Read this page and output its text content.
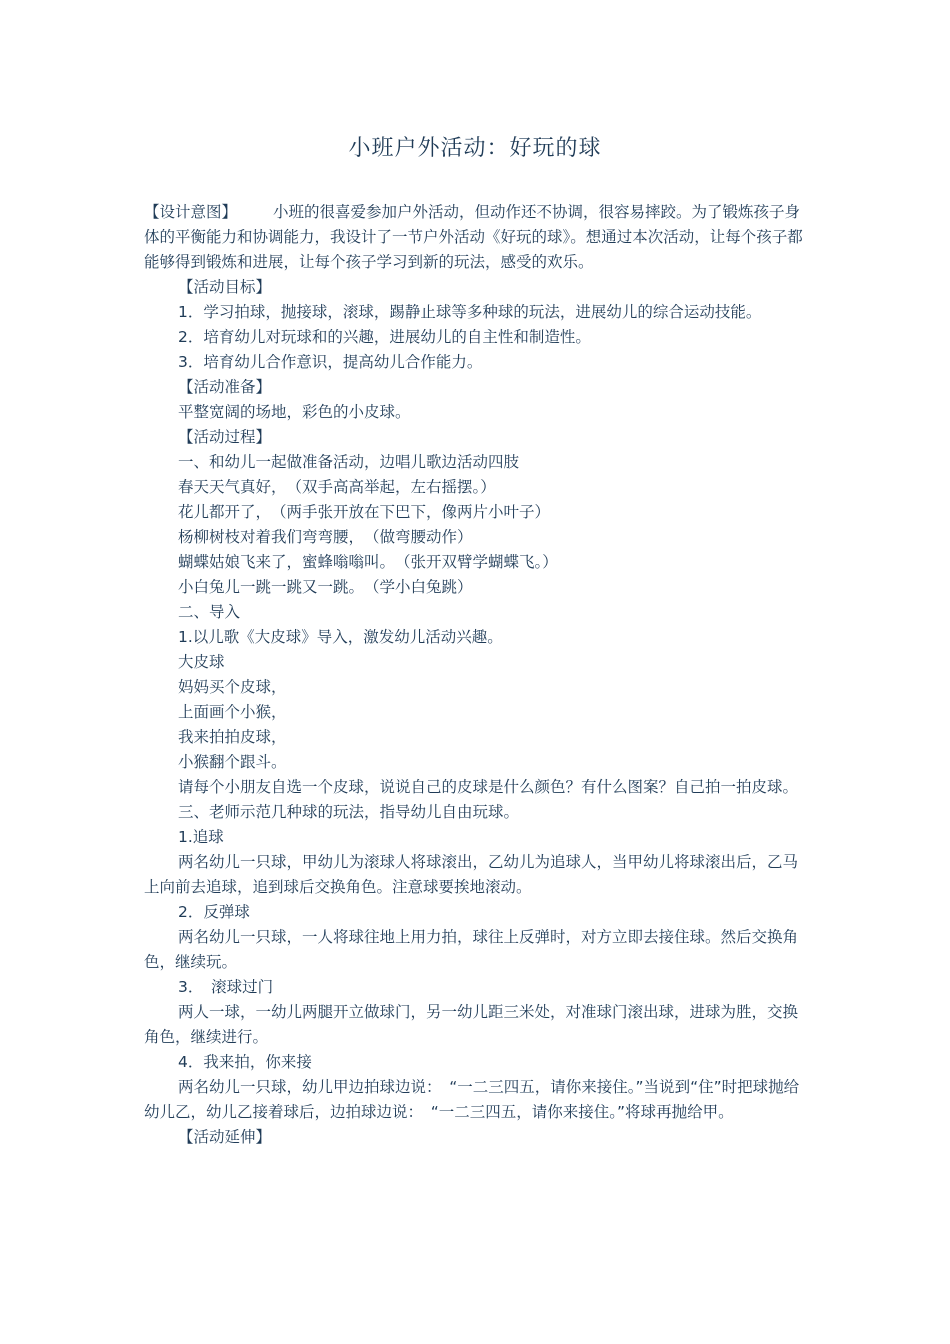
小班户外活动：好玩的球

【设计意图】 小班的很喜爱参加户外活动，但动作还不协调，很容易摔跤。为了锻炼孩子身体的平衡能力和协调能力，我设计了一节户外活动《好玩的球》。想通过本次活动，让每个孩子都能够得到锻炼和进展，让每个孩子学习到新的玩法，感受的欢乐。

【活动目标】

1．学习拍球，抛接球，滚球，踢静止球等多种球的玩法，进展幼儿的综合运动技能。

2．培育幼儿对玩球和的兴趣，进展幼儿的自主性和制造性。

3．培育幼儿合作意识，提高幼儿合作能力。

【活动准备】

平整宽阔的场地，彩色的小皮球。

【活动过程】

一、和幼儿一起做准备活动，边唱儿歌边活动四肢

春天天气真好，　（双手高高举起，左右摇摆。）

花儿都开了，　（两手张开放在下巴下，像两片小叶子）

杨柳树枝对着我们弯弯腰，　（做弯腰动作）

蝴蝶姑娘飞来了，蜜蜂嗡嗡叫。　（张开双臂学蝴蝶飞。）

小白兔儿一跳一跳又一跳。　（学小白兔跳）

二、导入

1.以儿歌《大皮球》导入，激发幼儿活动兴趣。

大皮球

妈妈买个皮球，

上面画个小猴，

我来拍拍皮球，

小猴翻个跟斗。

请每个小朋友自选一个皮球，说说自己的皮球是什么颜色？有什么图案？自己拍一拍皮球。

三、老师示范几种球的玩法，指导幼儿自由玩球。

1.追球

两名幼儿一只球，甲幼儿为滚球人将球滚出，乙幼儿为追球人，当甲幼儿将球滚出后，乙马上向前去追球，追到球后交换角色。注意球要挨地滚动。

2．反弹球

两名幼儿一只球，一人将球往地上用力拍，球往上反弹时，对方立即去接住球。然后交换角色，继续玩。

3．　滚球过门

两人一球，一幼儿两腿开立做球门，另一幼儿距三米处，对准球门滚出球，进球为胜，交换角色，继续进行。

4．我来拍，你来接

两名幼儿一只球，幼儿甲边拍球边说：　“一二三四五，请你来接住。”当说到“住”时把球抛给幼儿乙，幼儿乙接着球后，边拍球边说：　“一二三四五，请你来接住。”将球再抛给甲。

【活动延伸】
